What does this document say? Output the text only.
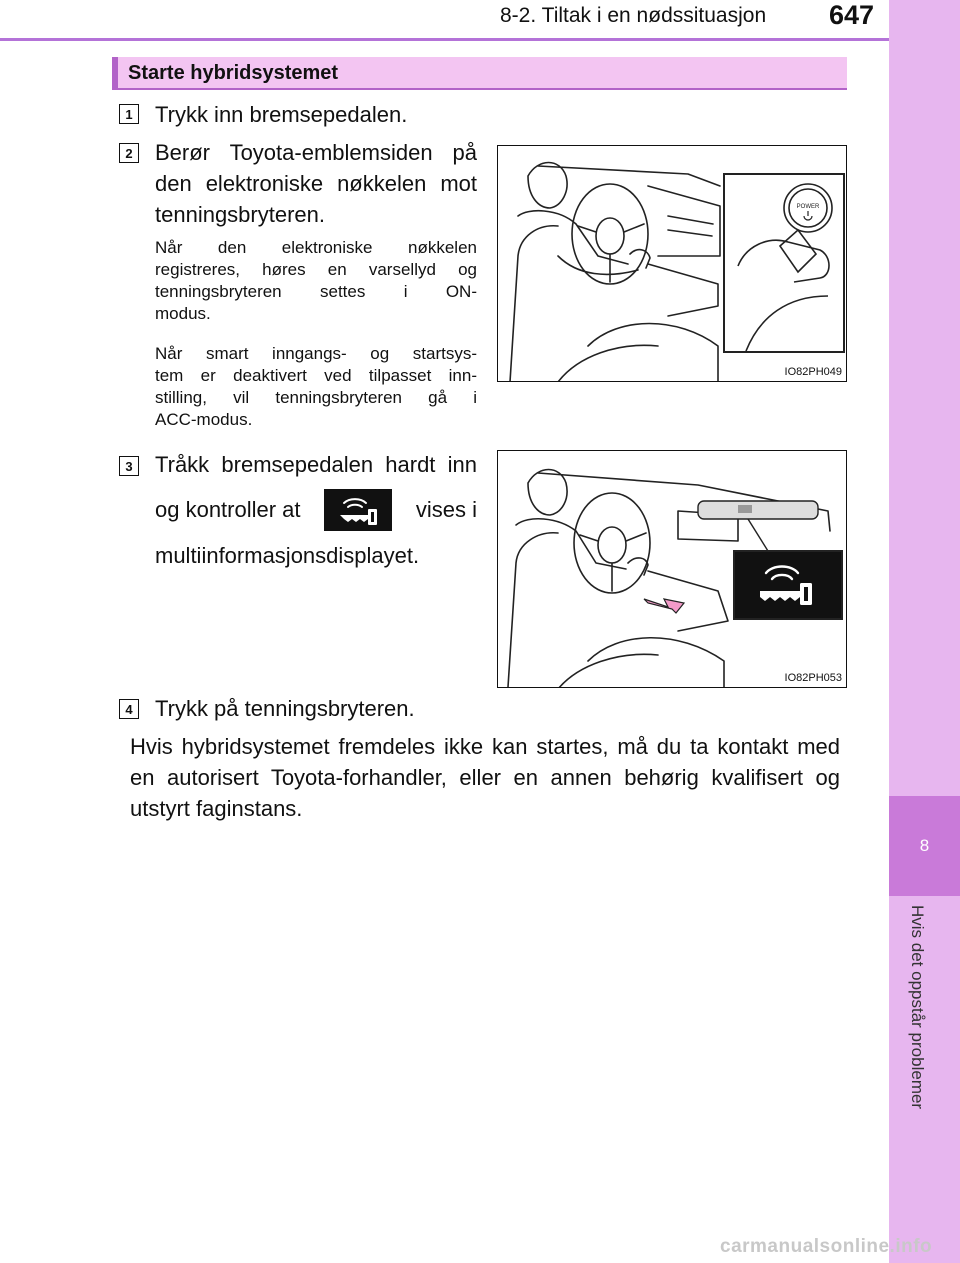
8-2. Tiltak i en nødssituasjon 647
8
Hvis det oppstår problemer
Starte hybridsystemet
1 Trykk inn bremsepedalen.
2 Berør Toyota-emblemsiden på
den elektroniske nøkkelen mot
tenningsbryteren.
Når den elektroniske nøkkelen
registreres, høres en varsellyd og
tenningsbryteren settes i ON-
modus.
Når smart inngangs- og startsys-
tem er deaktivert ved tilpasset inn-
stilling, vil tenningsbryteren gå i
ACC-modus.
POWER
IO82PH049
3 Tråkk bremsepedalen hardt inn
og kontroller at	vises i
multiinformasjonsdisplayet.
IO82PH053
4 Trykk på tenningsbryteren.
Hvis hybridsystemet fremdeles ikke kan startes, må du ta kontakt med
en autorisert Toyota-forhandler, eller en annen behørig kvalifisert og
utstyrt faginstans.
carmanualsonline.info
